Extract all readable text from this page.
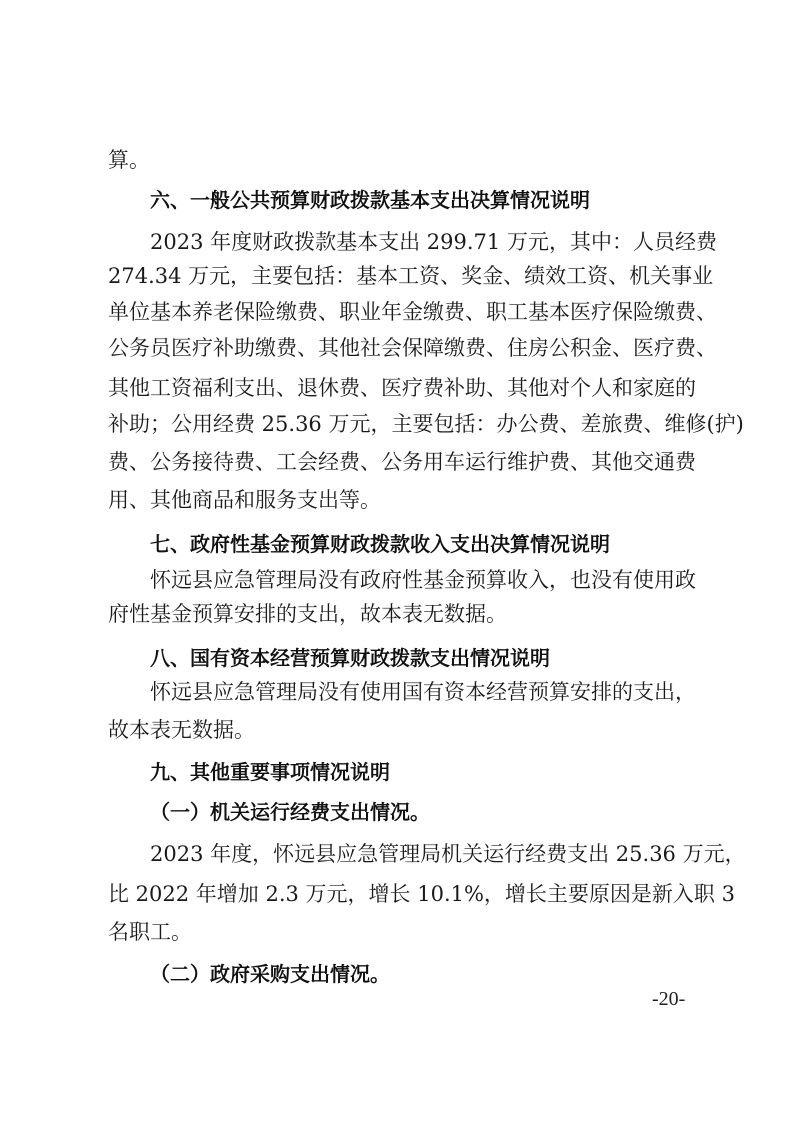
算。
六、一般公共预算财政拨款基本支出决算情况说明
2023 年度财政拨款基本支出 299.71 万元，其中：人员经费
274.34 万元，主要包括：基本工资、奖金、绩效工资、机关事业
单位基本养老保险缴费、职业年金缴费、职工基本医疗保险缴费、
公务员医疗补助缴费、其他社会保障缴费、住房公积金、医疗费、
其他工资福利支出、退休费、医疗费补助、其他对个人和家庭的
补助；公用经费 25.36 万元，主要包括：办公费、差旅费、维修(护)
费、公务接待费、工会经费、公务用车运行维护费、其他交通费
用、其他商品和服务支出等。
七、政府性基金预算财政拨款收入支出决算情况说明
怀远县应急管理局没有政府性基金预算收入，也没有使用政
府性基金预算安排的支出，故本表无数据。
八、国有资本经营预算财政拨款支出情况说明
怀远县应急管理局没有使用国有资本经营预算安排的支出，
故本表无数据。
九、其他重要事项情况说明
（一）机关运行经费支出情况。
2023 年度，怀远县应急管理局机关运行经费支出 25.36 万元，
比 2022 年增加 2.3 万元，增长 10.1%，增长主要原因是新入职 3
名职工。
（二）政府采购支出情况。
-20-
